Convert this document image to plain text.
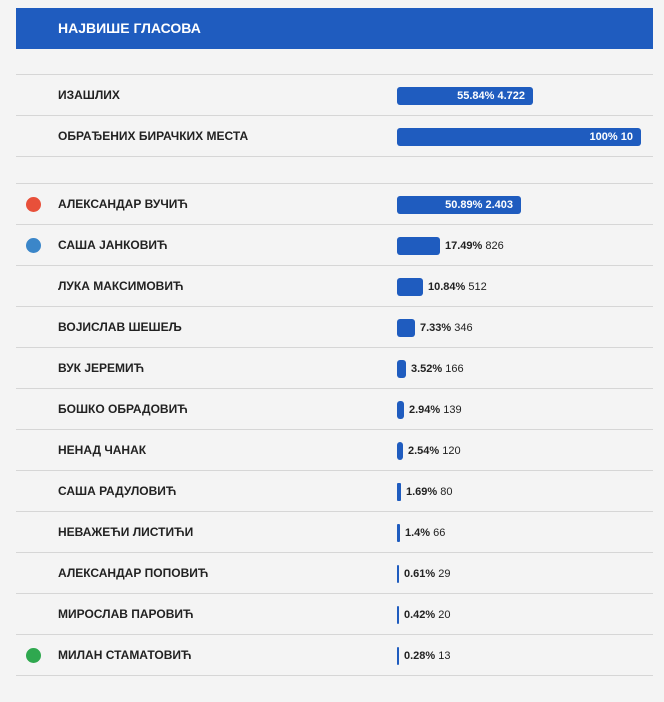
НАЈВИШЕ ГЛАСОВА
ИЗАШЛИХ	55.84% 4.722
ОБРАЂЕНИХ БИРАЧКИХ МЕСТА	100% 10
АЛЕКСАНДАР ВУЧИЋ	50.89% 2.403
САША ЈАНКОВИЋ	17.49% 826
ЛУКА МАКСИМОВИЋ	10.84% 512
ВОЈИСЛАВ ШЕШЕЉ	7.33% 346
ВУК ЈЕРЕМИЋ	3.52% 166
БОШКО ОБРАДОВИЋ	2.94% 139
НЕНАД ЧАНАК	2.54% 120
САША РАДУЛОВИЋ	1.69% 80
НЕВАЖЕЋИ ЛИСТИЋИ	1.4% 66
АЛЕКСАНДАР ПОПОВИЋ	0.61% 29
МИРОСЛАВ ПАРОВИЋ	0.42% 20
МИЛАН СТАМАТОВИЋ	0.28% 13
